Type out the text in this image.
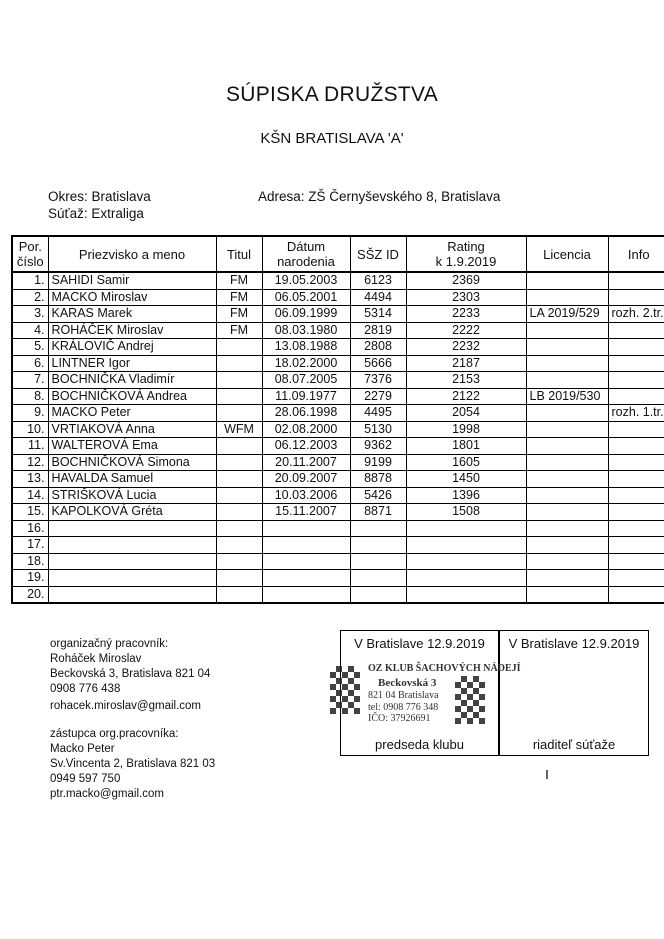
SÚPISKA DRUŽSTVA
KŠN BRATISLAVA 'A'
Okres: Bratislava
Súťaž: Extraliga
Adresa: ZŠ Černyševského 8, Bratislava
Por.
číslo	Priezvisko a meno	Titul	Dátum
narodenia	SŠZ ID	Rating
k 1.9.2019	Licencia	Info
1.	SAHIDI Samir	FM	19.05.2003	6123	2369		
2.	MACKO Miroslav	FM	06.05.2001	4494	2303		
3.	KARAS Marek	FM	06.09.1999	5314	2233	LA 2019/529	rozh. 2.tr.
4.	ROHÁČEK Miroslav	FM	08.03.1980	2819	2222		
5.	KRÁLOVIČ Andrej		13.08.1988	2808	2232		
6.	LINTNER Igor		18.02.2000	5666	2187		
7.	BOCHNIČKA Vladimír		08.07.2005	7376	2153		
8.	BOCHNIČKOVÁ Andrea		11.09.1977	2279	2122	LB 2019/530	
9.	MACKO Peter		28.06.1998	4495	2054		rozh. 1.tr.
10.	VRTIAKOVÁ Anna	WFM	02.08.2000	5130	1998		
11.	WALTEROVÁ Ema		06.12.2003	9362	1801		
12.	BOCHNIČKOVÁ Simona		20.11.2007	9199	1605		
13.	HAVALDA Samuel		20.09.2007	8878	1450		
14.	STRIŠKOVÁ Lucia		10.03.2006	5426	1396		
15.	KAPOLKOVÁ Gréta		15.11.2007	8871	1508		
16.							
17.							
18.							
19.							
20.							
organizačný pracovník:
Roháček Miroslav
Beckovská 3, Bratislava 821 04
0908 776 438
rohacek.miroslav@gmail.com
zástupca org.pracovníka:
Macko Peter
Sv.Vincenta 2, Bratislava 821 03
0949 597 750
ptr.macko@gmail.com
V Bratislave 12.9.2019
predseda klubu
V Bratislave 12.9.2019
riaditeľ súťaže
OZ KLUB ŠACHOVÝCH NÁDEJÍ
Beckovská 3
821 04 Bratislava
tel: 0908 776 348
IČO: 37926691
